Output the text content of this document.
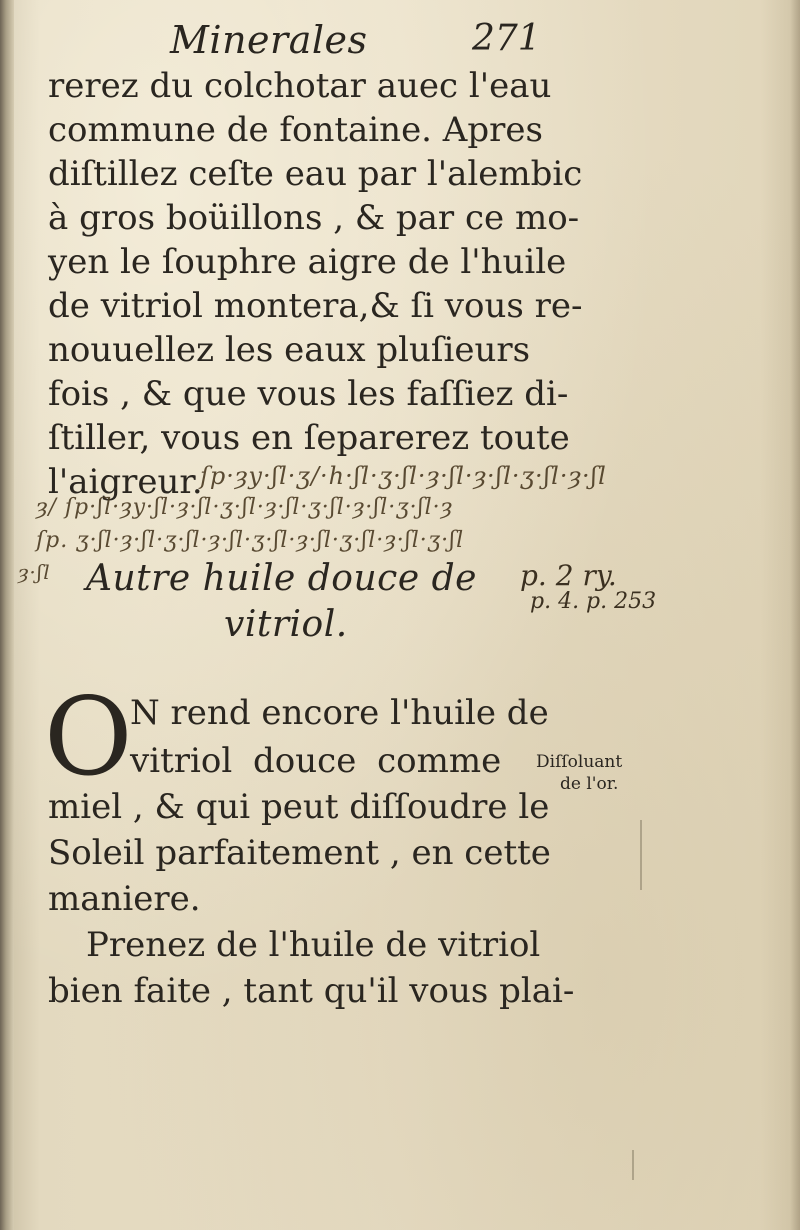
Minerales	271
rerez du colchotar auec l'eau
commune de fontaine. Apres
diſtillez ceſte eau par l'alembic
à gros boüillons , & par ce mo-
yen le ſouphre aigre de l'huile
de vitriol montera,& ſi vous re-
nouuellez les eaux pluſieurs
fois , & que vous les faſſiez di-
ſtiller, vous en ſeparerez toute
l'aigreur.
ſp·ȝy·ʃl·ʒ/·h·ʃl·ʒ·ʃl·ȝ·ʃl·ȝ·ʃl·ʒ·ʃl·ȝ·ʃl
ȝ/ ſp·ʃl·ȝy·ʃl·ȝ·ʃl·ʒ·ʃl·ȝ·ʃl·ʒ·ʃl·ȝ·ʃl·ʒ·ʃl·ȝ
ſp. ʒ·ʃl·ȝ·ʃl·ʒ·ʃl·ȝ·ʃl·ʒ·ʃl·ȝ·ʃl·ʒ·ʃl·ȝ·ʃl·ʒ·ʃl
ȝ·ʃl Autre huile douce de
vitriol.
p. 2 ry.
p. 4. p. 253
O
N rend encore l'huile de
vitriol douce comme
miel , & qui peut diſſoudre le
Soleil parfaitement , en cette
maniere.
Prenez de l'huile de vitriol
bien faite , tant qu'il vous plai-
Diſſoluant
de l'or.
